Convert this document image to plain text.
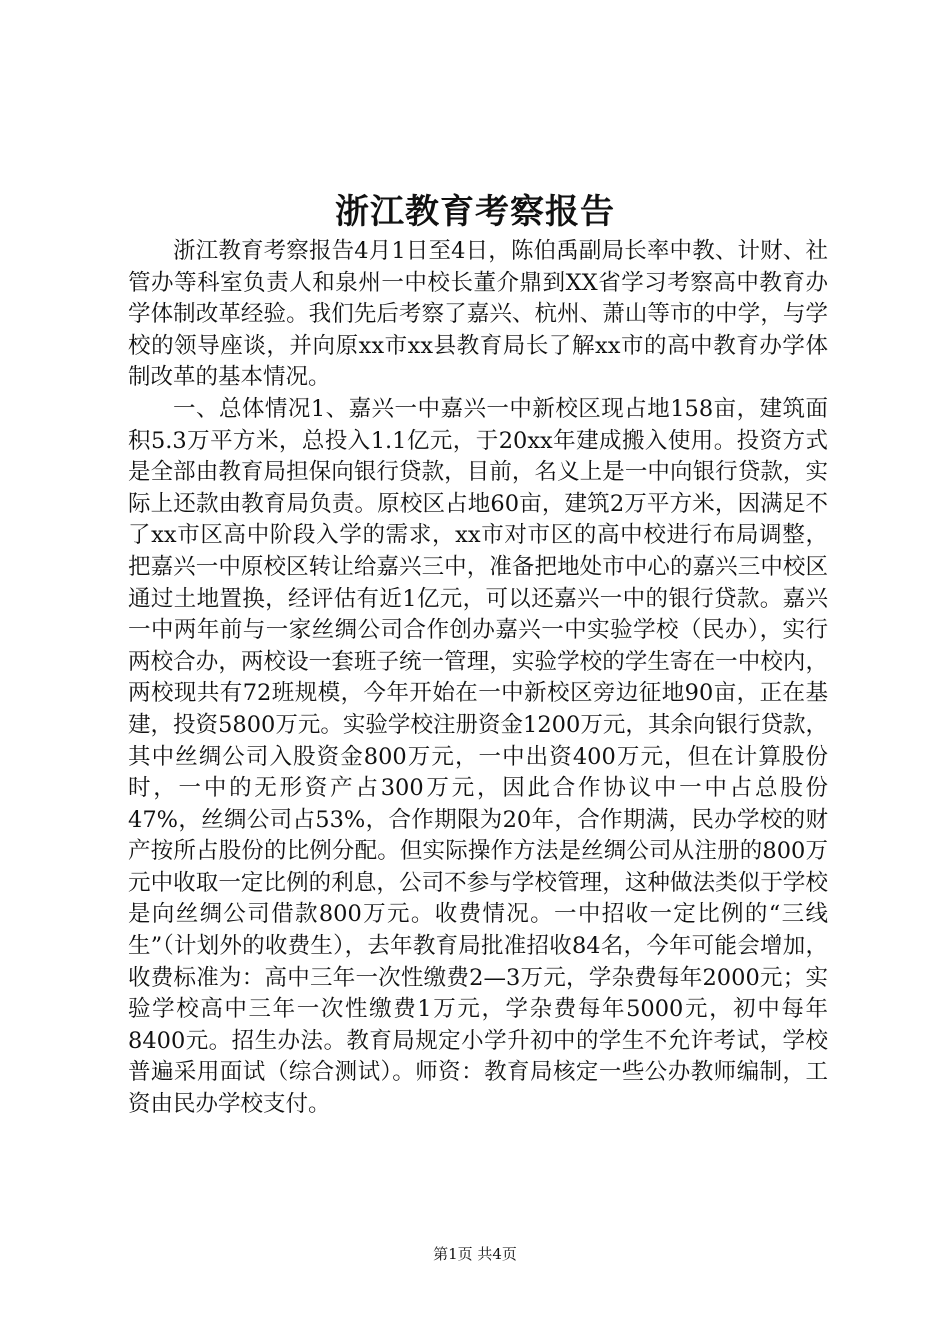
浙江教育考察报告

浙江教育考察报告4月1日至4日，陈伯禹副局长率中教、计财、社管办等科室负责人和泉州一中校长董介鼎到XX省学习考察高中教育办学体制改革经验。我们先后考察了嘉兴、杭州、萧山等市的中学，与学校的领导座谈，并向原xx市xx县教育局长了解xx市的高中教育办学体制改革的基本情况。

一、总体情况1、嘉兴一中嘉兴一中新校区现占地158亩，建筑面积5.3万平方米，总投入1.1亿元，于20xx年建成搬入使用。投资方式是全部由教育局担保向银行贷款，目前，名义上是一中向银行贷款，实际上还款由教育局负责。原校区占地60亩，建筑2万平方米，因满足不了xx市区高中阶段入学的需求，xx市对市区的高中校进行布局调整，把嘉兴一中原校区转让给嘉兴三中，准备把地处市中心的嘉兴三中校区通过土地置换，经评估有近1亿元，可以还嘉兴一中的银行贷款。嘉兴一中两年前与一家丝绸公司合作创办嘉兴一中实验学校（民办），实行两校合办，两校设一套班子统一管理，实验学校的学生寄在一中校内，两校现共有72班规模，今年开始在一中新校区旁边征地90亩，正在基建，投资5800万元。实验学校注册资金1200万元，其余向银行贷款，其中丝绸公司入股资金800万元，一中出资400万元，但在计算股份时，一中的无形资产占300万元，因此合作协议中一中占总股份47%，丝绸公司占53%，合作期限为20年，合作期满，民办学校的财产按所占股份的比例分配。但实际操作方法是丝绸公司从注册的800万元中收取一定比例的利息，公司不参与学校管理，这种做法类似于学校是向丝绸公司借款800万元。收费情况。一中招收一定比例的“三线生”（计划外的收费生），去年教育局批准招收84名，今年可能会增加，收费标准为：高中三年一次性缴费2—3万元，学杂费每年2000元；实验学校高中三年一次性缴费1万元，学杂费每年5000元，初中每年8400元。招生办法。教育局规定小学升初中的学生不允许考试，学校普遍采用面试（综合测试）。师资：教育局核定一些公办教师编制，工资由民办学校支付。

第1页 共4页
